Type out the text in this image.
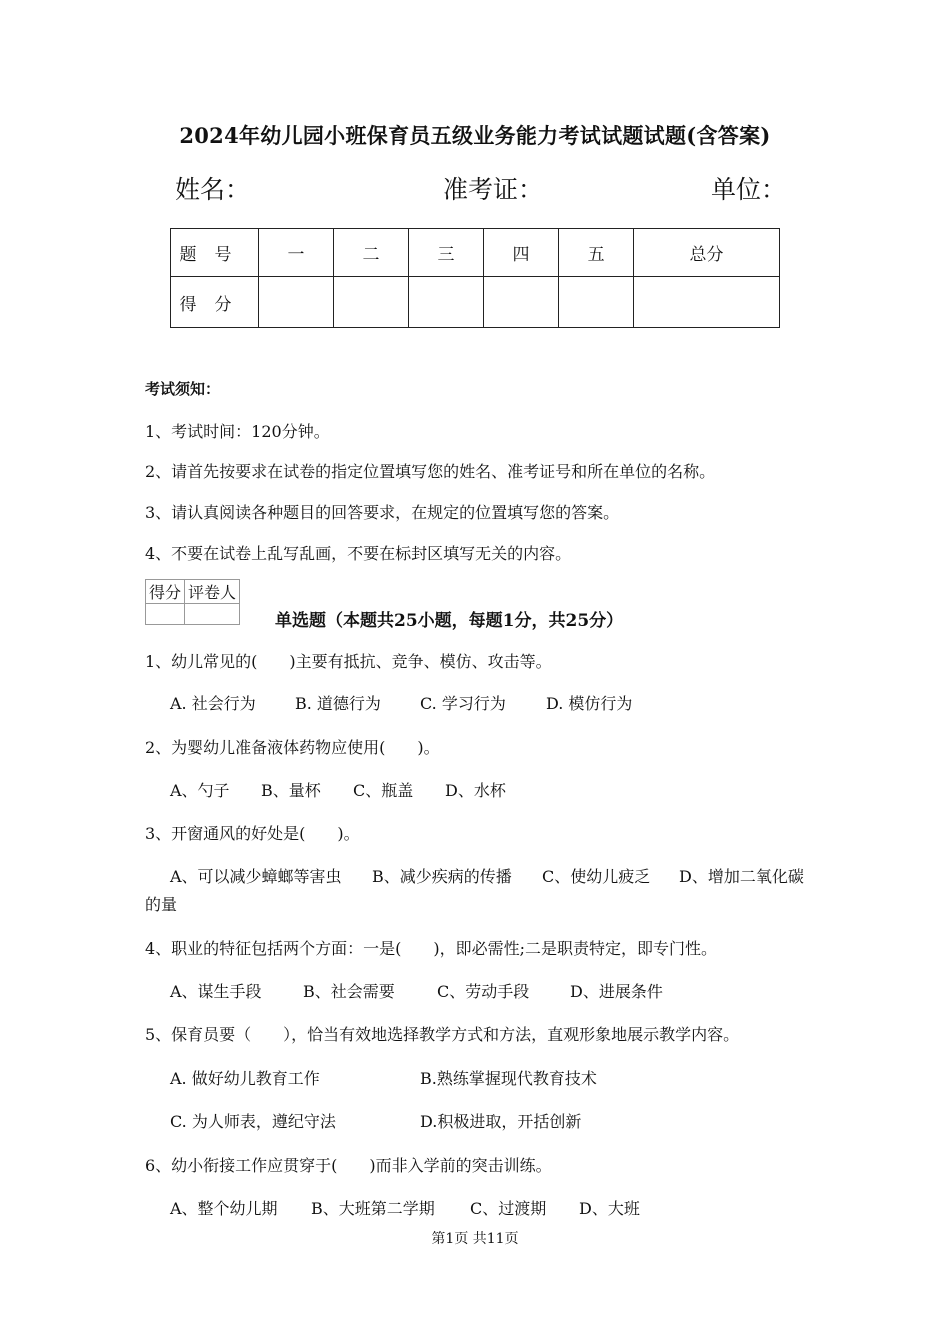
2024年幼儿园小班保育员五级业务能力考试试题试题(含答案)
姓名：	准考证：	单位：
题号	一	二	三	四	五	总分
得分						
考试须知：
1、考试时间：120分钟。
2、请首先按要求在试卷的指定位置填写您的姓名、准考证号和所在单位的名称。
3、请认真阅读各种题目的回答要求，在规定的位置填写您的答案。
4、不要在试卷上乱写乱画，不要在标封区填写无关的内容。
得分	评卷人

单选题（本题共25小题，每题1分，共25分）
1、幼儿常见的(　　)主要有抵抗、竞争、模仿、攻击等。
A. 社会行为 B. 道德行为 C. 学习行为	D. 模仿行为
2、为婴幼儿准备液体药物应使用(　　)。
A、勺子 B、量杯 C、瓶盖 D、水杯
3、开窗通风的好处是(　　)。
A、可以减少蟑螂等害虫 B、减少疾病的传播 C、使幼儿疲乏 D、增加二氧化碳
的量
4、职业的特征包括两个方面：一是(　　)，即必需性;二是职责特定，即专门性。
A、谋生手段	B、社会需要	C、劳动手段	D、进展条件
5、保育员要（　　），恰当有效地选择教学方式和方法，直观形象地展示教学内容。
A. 做好幼儿教育工作	B.熟练掌握现代教育技术
C. 为人师表，遵纪守法	D.积极进取，开括创新
6、幼小衔接工作应贯穿于(　　)而非入学前的突击训练。
A、整个幼儿期 B、大班第二学期 C、过渡期 D、大班
第1页 共11页
